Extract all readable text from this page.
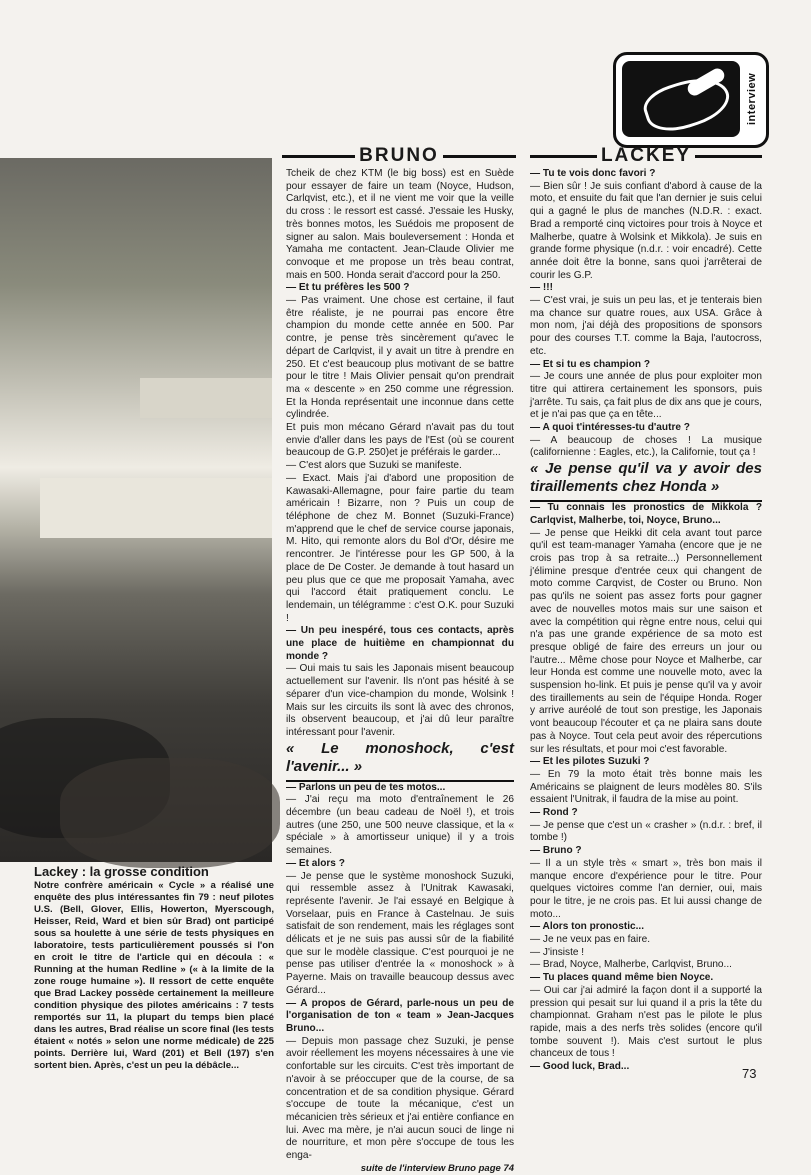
interview
BRUNO	LACKEY

Tcheik de chez KTM (le big boss) est en Suède pour essayer de faire un team (Noyce, Hudson, Carlqvist, etc.), et il ne vient me voir que la veille du cross : le ressort est cassé. J'essaie les Husky, très bonnes motos, les Suédois me proposent de signer au salon. Mais bouleversement : Honda et Yamaha me contactent. Jean-Claude Olivier me convoque et me propose un très beau contrat, mais en 500. Honda serait d'accord pour la 250.

— Et tu préfères les 500 ?

— Pas vraiment. Une chose est certaine, il faut être réaliste, je ne pourrai pas encore être champion du monde cette année en 500. Par contre, je pense très sincèrement qu'avec le départ de Carlqvist, il y avait un titre à prendre en 250. Et c'est beaucoup plus motivant de se battre pour le titre ! Mais Olivier pensait qu'on prendrait ma « descente » en 250 comme une régression. Et la Honda représentait une inconnue dans cette cylindrée.

Et puis mon mécano Gérard n'avait pas du tout envie d'aller dans les pays de l'Est (où se courent beaucoup de G.P. 250)et je préférais le garder...

— C'est alors que Suzuki se manifeste.

— Exact. Mais j'ai d'abord une proposition de Kawasaki-Allemagne, pour faire partie du team américain ! Bizarre, non ? Puis un coup de téléphone de chez M. Bonnet (Suzuki-France) m'apprend que le chef de service course japonais, M. Hito, qui remonte alors du Bol d'Or, désire me rencontrer. Je l'intéresse pour les GP 500, à la place de De Coster. Je demande à tout hasard un peu plus que ce que me proposait Yamaha, avec qui l'accord était pratiquement conclu. Le lendemain, un télégramme : c'est O.K. pour Suzuki !

— Un peu inespéré, tous ces contacts, après une place de huitième en championnat du monde ?

— Oui mais tu sais les Japonais misent beaucoup actuellement sur l'avenir. Ils n'ont pas hésité à se séparer d'un vice-champion du monde, Wolsink ! Mais sur les circuits ils sont là avec des chronos, ils observent beaucoup, et j'ai dû leur paraître intéressant pour l'avenir.

« Le monoshock, c'est l'avenir... »

— Parlons un peu de tes motos...

— J'ai reçu ma moto d'entraînement le 26 décembre (un beau cadeau de Noël !), et trois autres (une 250, une 500 neuve classique, et la « spéciale » à amortisseur unique) il y a trois semaines.

— Et alors ?

— Je pense que le système monoshock Suzuki, qui ressemble assez à l'Unitrak Kawasaki, représente l'avenir. Je l'ai essayé en Belgique à Vorselaar, puis en France à Castelnau. Je suis satisfait de son rendement, mais les réglages sont délicats et je ne suis pas aussi sûr de la fiabilité que sur le modèle classique. C'est pourquoi je ne pense pas utiliser d'entrée la « monoshock » à Payerne. Mais on travaille beaucoup dessus avec Gérard...

— A propos de Gérard, parle-nous un peu de l'organisation de ton « team » Jean-Jacques Bruno...

— Depuis mon passage chez Suzuki, je pense avoir réellement les moyens nécessaires à une vie confortable sur les circuits. C'est très important de n'avoir à se préoccuper que de la course, de sa concentration et de sa condition physique. Gérard s'occupe de toute la mécanique, c'est un mécanicien très sérieux et j'ai entière confiance en lui. Avec ma mère, je n'ai aucun souci de linge ni de nourriture, et mon père s'occupe de tous les enga-

suite de l'interview Bruno page 74

— Tu te vois donc favori ?

— Bien sûr ! Je suis confiant d'abord à cause de la moto, et ensuite du fait que l'an dernier je suis celui qui a gagné le plus de manches (N.D.R. : exact. Brad a remporté cinq victoires pour trois à Noyce et Malherbe, quatre à Wolsink et Mikkola). Je suis en grande forme physique (n.d.r. : voir encadré). Cette année doit être la bonne, sans quoi j'arrêterai de courir les G.P.

— !!!

— C'est vrai, je suis un peu las, et je tenterais bien ma chance sur quatre roues, aux USA. Grâce à mon nom, j'ai déjà des propositions de sponsors pour des courses T.T. comme la Baja, l'autocross, etc.

— Et si tu es champion ?

— Je cours une année de plus pour exploiter mon titre qui attirera certainement les sponsors, puis j'arrête. Tu sais, ça fait plus de dix ans que je cours, et je n'ai pas que ça en tête...

— A quoi t'intéresses-tu d'autre ?

— A beaucoup de choses ! La musique (californienne : Eagles, etc.), la Californie, tout ça !

« Je pense qu'il va y avoir des tiraillements chez Honda »

— Tu connais les pronostics de Mikkola ? Carlqvist, Malherbe, toi, Noyce, Bruno...

— Je pense que Heikki dit cela avant tout parce qu'il est team-manager Yamaha (encore que je ne crois pas trop à sa retraite...) Personnellement j'élimine presque d'entrée ceux qui changent de moto comme Carqvist, de Coster ou Bruno. Non pas qu'ils ne soient pas assez forts pour gagner avec de nouvelles motos mais sur une saison et avec la compétition qui règne entre nous, celui qui n'a pas une grande expérience de sa moto est presque obligé de faire des erreurs un jour ou l'autre... Même chose pour Noyce et Malherbe, car leur Honda est comme une nouvelle moto, avec la suspension ho-link. Et puis je pense qu'il va y avoir des tiraillements au sein de l'équipe Honda. Roger y arrive auréolé de tout son prestige, les Japonais vont beaucoup l'écouter et ça ne plaira sans doute pas à Noyce. Tout cela peut avoir des répercutions sur les résultats, et pour moi c'est favorable.

— Et les pilotes Suzuki ?

— En 79 la moto était très bonne mais les Américains se plaignent de leurs modèles 80. S'ils essaient l'Unitrak, il faudra de la mise au point.

— Rond ?

— Je pense que c'est un « crasher » (n.d.r. : bref, il tombe !)

— Bruno ?

— Il a un style très « smart », très bon mais il manque encore d'expérience pour le titre. Pour quelques victoires comme l'an dernier, oui, mais pour le titre, je ne crois pas. Et lui aussi change de moto...

— Alors ton pronostic...

— Je ne veux pas en faire.

— J'insiste !

— Brad, Noyce, Malherbe, Carlqvist, Bruno...

— Tu places quand même bien Noyce.

— Oui car j'ai admiré la façon dont il a supporté la pression qui pesait sur lui quand il a pris la tête du championnat. Graham n'est pas le pilote le plus rapide, mais a des nerfs très solides (encore qu'il tombe souvent !). Mais c'est surtout le plus chanceux de tous !

— Good luck, Brad...

Lackey : la grosse condition
Notre confrère américain « Cycle » a réalisé une enquête des plus intéressantes fin 79 : neuf pilotes U.S. (Bell, Glover, Ellis, Howerton, Myerscough, Heisser, Reid, Ward et bien sûr Brad) ont participé sous sa houlette à une série de tests physiques en laboratoire, tests particulièrement poussés si l'on en croit le titre de l'article qui en découla : « Running at the human Redline » (« à la limite de la zone rouge humaine »). Il ressort de cette enquête que Brad Lackey possède certainement la meilleure condition physique des pilotes américains : 7 tests remportés sur 11, la plupart du temps bien placé dans les autres, Brad réalise un score final (les tests étaient « notés » selon une norme médicale) de 225 points. Derrière lui, Ward (201) et Bell (197) s'en sortent bien. Après, c'est un peu la débâcle...
73
